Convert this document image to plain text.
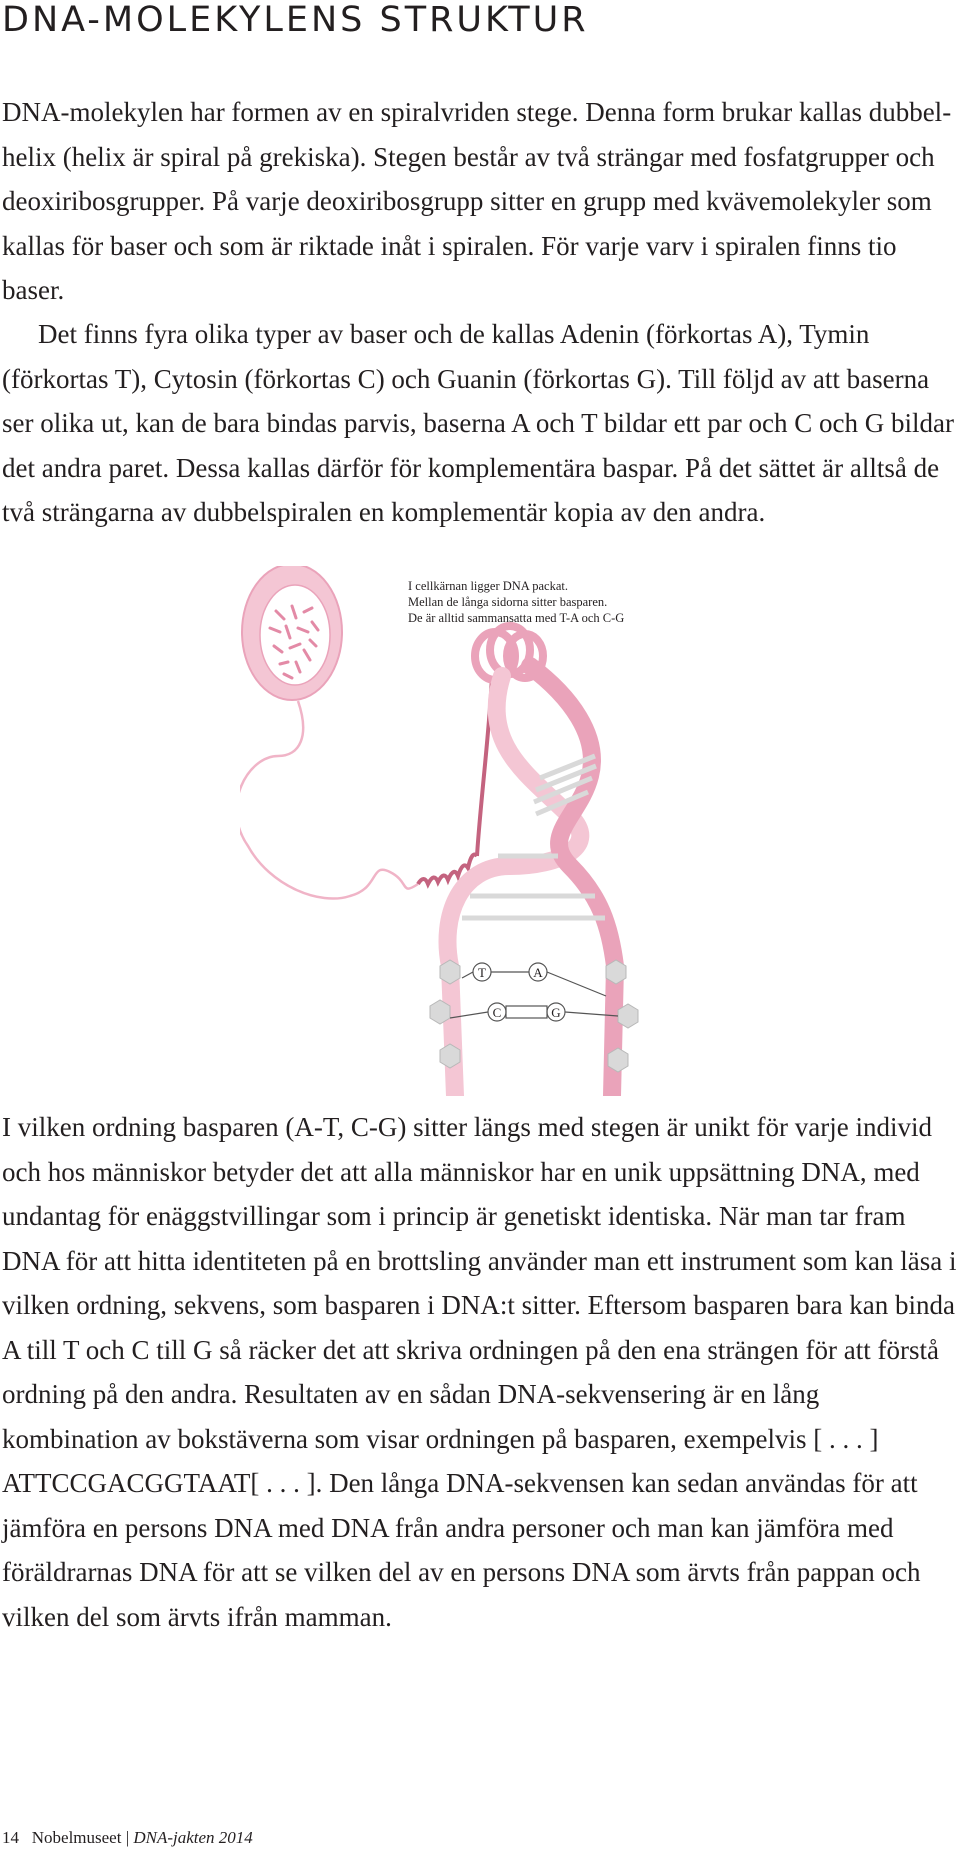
DNA-MOLEKYLENS STRUKTUR

DNA-molekylen har formen av en spiralvriden stege. Denna form brukar kallas dubbel-helix (helix är spiral på grekiska). Stegen består av två strängar med fosfatgrupper och deoxiribosgrupper. På varje deoxiribosgrupp sitter en grupp med kvävemolekyler som kallas för baser och som är riktade inåt i spiralen. För varje varv i spiralen finns tio baser.

Det finns fyra olika typer av baser och de kallas Adenin (förkortas A), Tymin (förkortas T), Cytosin (förkortas C) och Guanin (förkortas G). Till följd av att baserna ser olika ut, kan de bara bindas parvis, baserna A och T bildar ett par och C och G bildar det andra paret. Dessa kallas därför för komplementära baspar. På det sättet är alltså de två strängarna av dubbelspiralen en komplementär kopia av den andra.

T	A
C	G
I cellkärnan ligger DNA packat.
Mellan de långa sidorna sitter basparen.
De är alltid sammansatta med T-A och C-G

I vilken ordning basparen (A-T, C-G) sitter längs med stegen är unikt för varje individ och hos människor betyder det att alla människor har en unik uppsättning DNA, med undantag för enäggstvillingar som i princip är genetiskt identiska. När man tar fram DNA för att hitta identiteten på en brottsling använder man ett instrument som kan läsa i vilken ordning, sekvens, som basparen i DNA:t sitter. Eftersom basparen bara kan binda A till T och C till G så räcker det att skriva ordningen på den ena strängen för att förstå ordning på den andra. Resultaten av en sådan DNA-sekvensering är en lång kombination av bokstäverna som visar ordningen på basparen, exempelvis [ . . . ] ATTCCGACGGTAAT[ . . . ]. Den långa DNA-sekvensen kan sedan användas för att jämföra en persons DNA med DNA från andra personer och man kan jämföra med föräldrarnas DNA för att se vilken del av en persons DNA som ärvts från pappan och vilken del som ärvts ifrån mamman.

14 Nobelmuseet | DNA-jakten 2014
